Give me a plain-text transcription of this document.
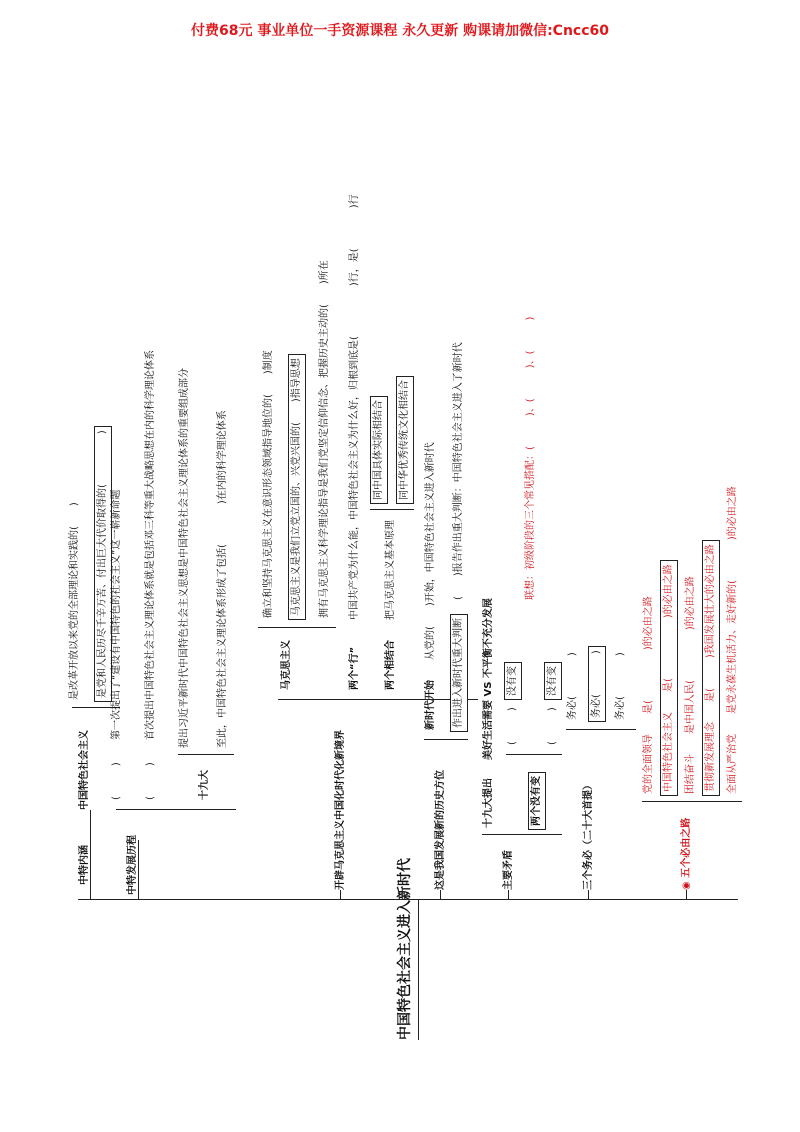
付费68元 事业单位一手资源课程 永久更新 购课请加微信:Cncc60
中国特色社会主义进入新时代
中特内涵
中国特色社会主义
是改革开放以来党的全部理论和实践的(　　)	是党和人民历尽千辛万苦、付出巨大代价取得的(　　　　　)
中特发展历程
(　　　)
第一次提出了“建设有中国特色的社会主义”这一崭新命题
(　　　)
首次提出中国特色社会主义理论体系就是包括邓三科等重大战略思想在内的科学理论体系
十九大
提出习近平新时代中国特色社会主义思想是中国特色社会主义理论体系的重要组成部分	至此，中国特色社会主义理论体系形成了包括(　　　　)在内的科学理论体系
开辟马克思主义中国化时代化新境界
马克思主义
确立和坚持马克思主义在意识形态领域指导地位的(　　)制度	马克思主义是我们立党立国的、兴党兴国的(　　)指导思想	拥有马克思主义科学理论指导是我们党坚定信仰信念、把握历史主动的(　　)所在
两个“行”
中国共产党为什么能，中国特色社会主义为什么好，归根到底是(　　　　　)行，是(　　　　)行
两个相结合
把马克思主义基本原理
同中国具体实际相结合	同中华优秀传统文化相结合
这是我国发展新的历史方位
新时代开始
从党的(　　)开始，中国特色社会主义进入新时代
作出进入新时代重大判断
(　　)报告作出重大判断：中国特色社会主义进入了新时代
主要矛盾
十九大提出
美好生活需要 VS 不平衡不充分发展
两个没有变
(　　　)
没有变
(　　　)
没有变
联想：初级阶段的三个常见搭配：(　　　)、(　　　)、(　　　)
三个务必（二十大首提）
务必(　　　　)	务必(　　　　)	务必(　　　　)
◉ 五个必由之路
党的全面领导　　是(　　　　　)的必由之路 中国特色社会主义　　是(　　　　　　)的必由之路	团结奋斗　　是中国人民(　　　　　)的必由之路 贯彻新发展理念　　是(　　　)我国发展壮大的必由之路	全面从严治党　　是党永葆生机活力、走好新的(　　　　)的必由之路
